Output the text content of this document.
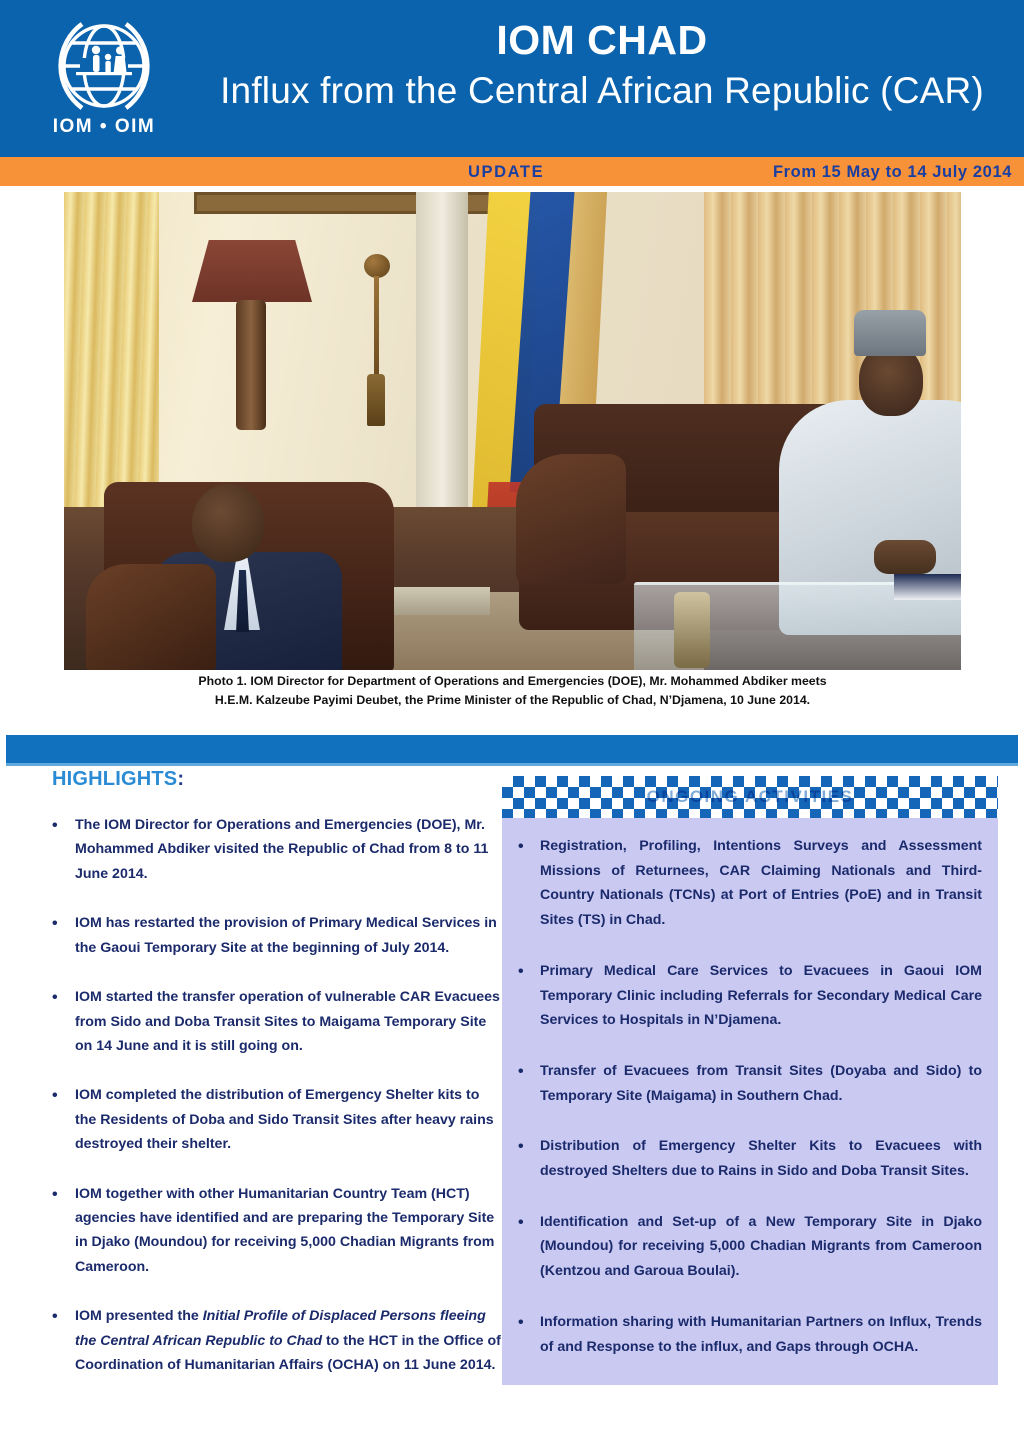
IOM • OIM
IOM CHAD
Influx from the Central African Republic (CAR)
UPDATE	From 15 May to 14 July 2014
Photo 1. IOM Director for Department of Operations and Emergencies (DOE), Mr. Mohammed Abdiker meets
H.E.M. Kalzeube Payimi Deubet, the Prime Minister of the Republic of Chad, N’Djamena, 10 June 2014.
HIGHLIGHTS:
• The IOM Director for Operations and Emergencies (DOE), Mr. Mohammed Abdiker visited the Republic of Chad from 8 to 11 June 2014.
• IOM has restarted the provision of Primary Medical Services in the Gaoui Temporary Site at the beginning of July 2014.
• IOM started the transfer operation of vulnerable CAR Evacuees from Sido and Doba Transit Sites to Maigama Temporary Site on 14 June and it is still going on.
• IOM completed the distribution of Emergency Shelter kits to the Residents of Doba and Sido Transit Sites after heavy rains destroyed their shelter.
• IOM together with other Humanitarian Country Team (HCT) agencies have identified and are preparing the Temporary Site in Djako (Moundou) for receiving 5,000 Chadian Migrants from Cameroon.
• IOM presented the Initial Profile of Displaced Persons fleeing the Central African Republic to Chad to the HCT in the Office of Coordination of Humanitarian Affairs (OCHA) on 11 June 2014.
ONGOING ACTIVITIES
• Registration, Profiling, Intentions Surveys and Assessment Missions of Returnees, CAR Claiming Nationals and Third-Country Nationals (TCNs) at Port of Entries (PoE) and in Transit Sites (TS) in Chad.
• Primary Medical Care Services to Evacuees in Gaoui IOM Temporary Clinic including Referrals for Secondary Medical Care Services to Hospitals in N’Djamena.
• Transfer of Evacuees from Transit Sites (Doyaba and Sido) to Temporary Site (Maigama) in Southern Chad.
• Distribution of Emergency Shelter Kits to Evacuees with destroyed Shelters due to Rains in Sido and Doba Transit Sites.
• Identification and Set-up of a New Temporary Site in Djako (Moundou) for receiving 5,000 Chadian Migrants from Cameroon (Kentzou and Garoua Boulai).
• Information sharing with Humanitarian Partners on Influx, Trends of and Response to the influx, and Gaps through OCHA.
